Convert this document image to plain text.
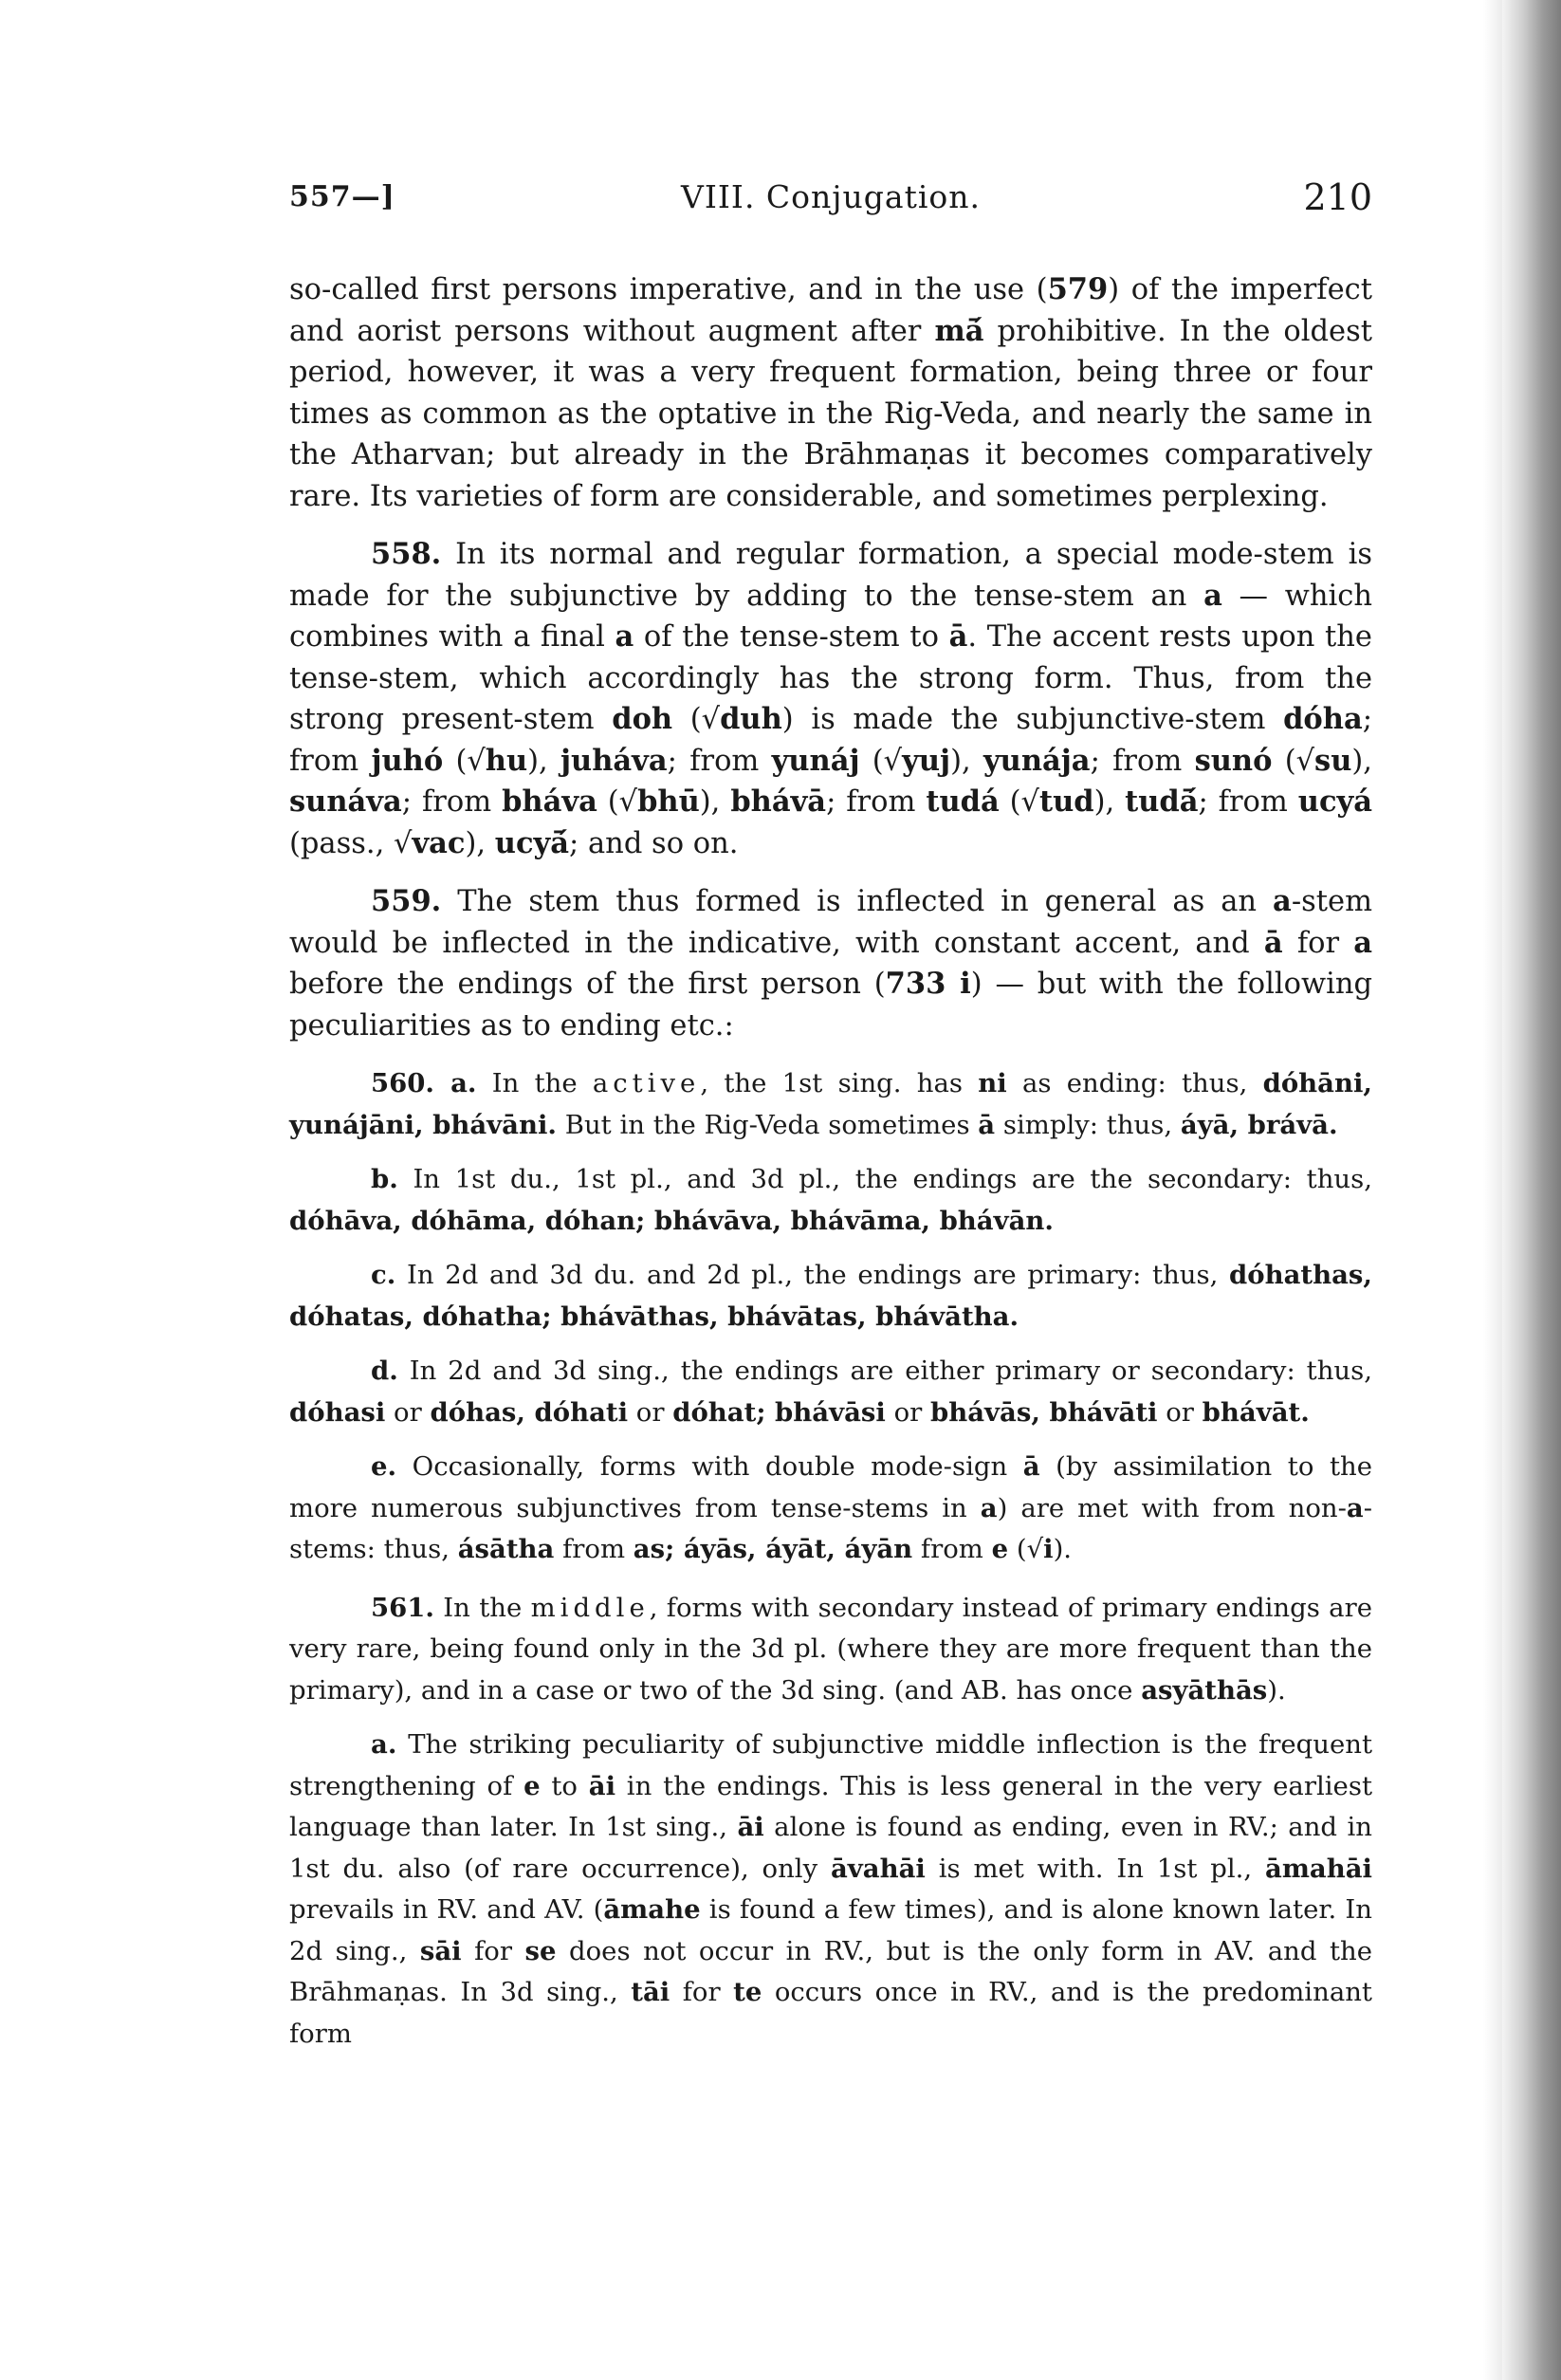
557—]	VIII. Conjugation.	210

so-called first persons imperative, and in the use (579) of the imperfect and aorist persons without augment after mā́ prohibitive. In the oldest period, however, it was a very frequent formation, being three or four times as common as the optative in the Rig-Veda, and nearly the same in the Atharvan; but already in the Brāhmaṇas it becomes comparatively rare. Its varieties of form are considerable, and sometimes perplexing.

558. In its normal and regular formation, a special mode-stem is made for the subjunctive by adding to the tense-stem an a — which combines with a final a of the tense-stem to ā. The accent rests upon the tense-stem, which accordingly has the strong form. Thus, from the strong present-stem doh (√duh) is made the subjunctive-stem dóha; from juhó (√hu), juháva; from yunáj (√yuj), yunája; from sunó (√su), sunáva; from bháva (√bhū), bhávā; from tudá (√tud), tudā́; from ucyá (pass., √vac), ucyā́; and so on.

559. The stem thus formed is inflected in general as an a-stem would be inflected in the indicative, with constant accent, and ā for a before the endings of the first person (733 i) — but with the following peculiarities as to ending etc.:

560. a. In the active, the 1st sing. has ni as ending: thus, dóhāni, yunájāni, bhávāni. But in the Rig-Veda sometimes ā simply: thus, áyā, brávā.

b. In 1st du., 1st pl., and 3d pl., the endings are the secondary: thus, dóhāva, dóhāma, dóhan; bhávāva, bhávāma, bhávān.

c. In 2d and 3d du. and 2d pl., the endings are primary: thus, dóhathas, dóhatas, dóhatha; bhávāthas, bhávātas, bhávātha.

d. In 2d and 3d sing., the endings are either primary or secondary: thus, dóhasi or dóhas, dóhati or dóhat; bhávāsi or bhávās, bhávāti or bhávāt.

e. Occasionally, forms with double mode-sign ā (by assimilation to the more numerous subjunctives from tense-stems in a) are met with from non-a-stems: thus, ásātha from as; áyās, áyāt, áyān from e (√i).

561. In the middle, forms with secondary instead of primary endings are very rare, being found only in the 3d pl. (where they are more frequent than the primary), and in a case or two of the 3d sing. (and AB. has once asyāthās).

a. The striking peculiarity of subjunctive middle inflection is the frequent strengthening of e to āi in the endings. This is less general in the very earliest language than later. In 1st sing., āi alone is found as ending, even in RV.; and in 1st du. also (of rare occurrence), only āvahāi is met with. In 1st pl., āmahāi prevails in RV. and AV. (āmahe is found a few times), and is alone known later. In 2d sing., sāi for se does not occur in RV., but is the only form in AV. and the Brāhmaṇas. In 3d sing., tāi for te occurs once in RV., and is the predominant form
